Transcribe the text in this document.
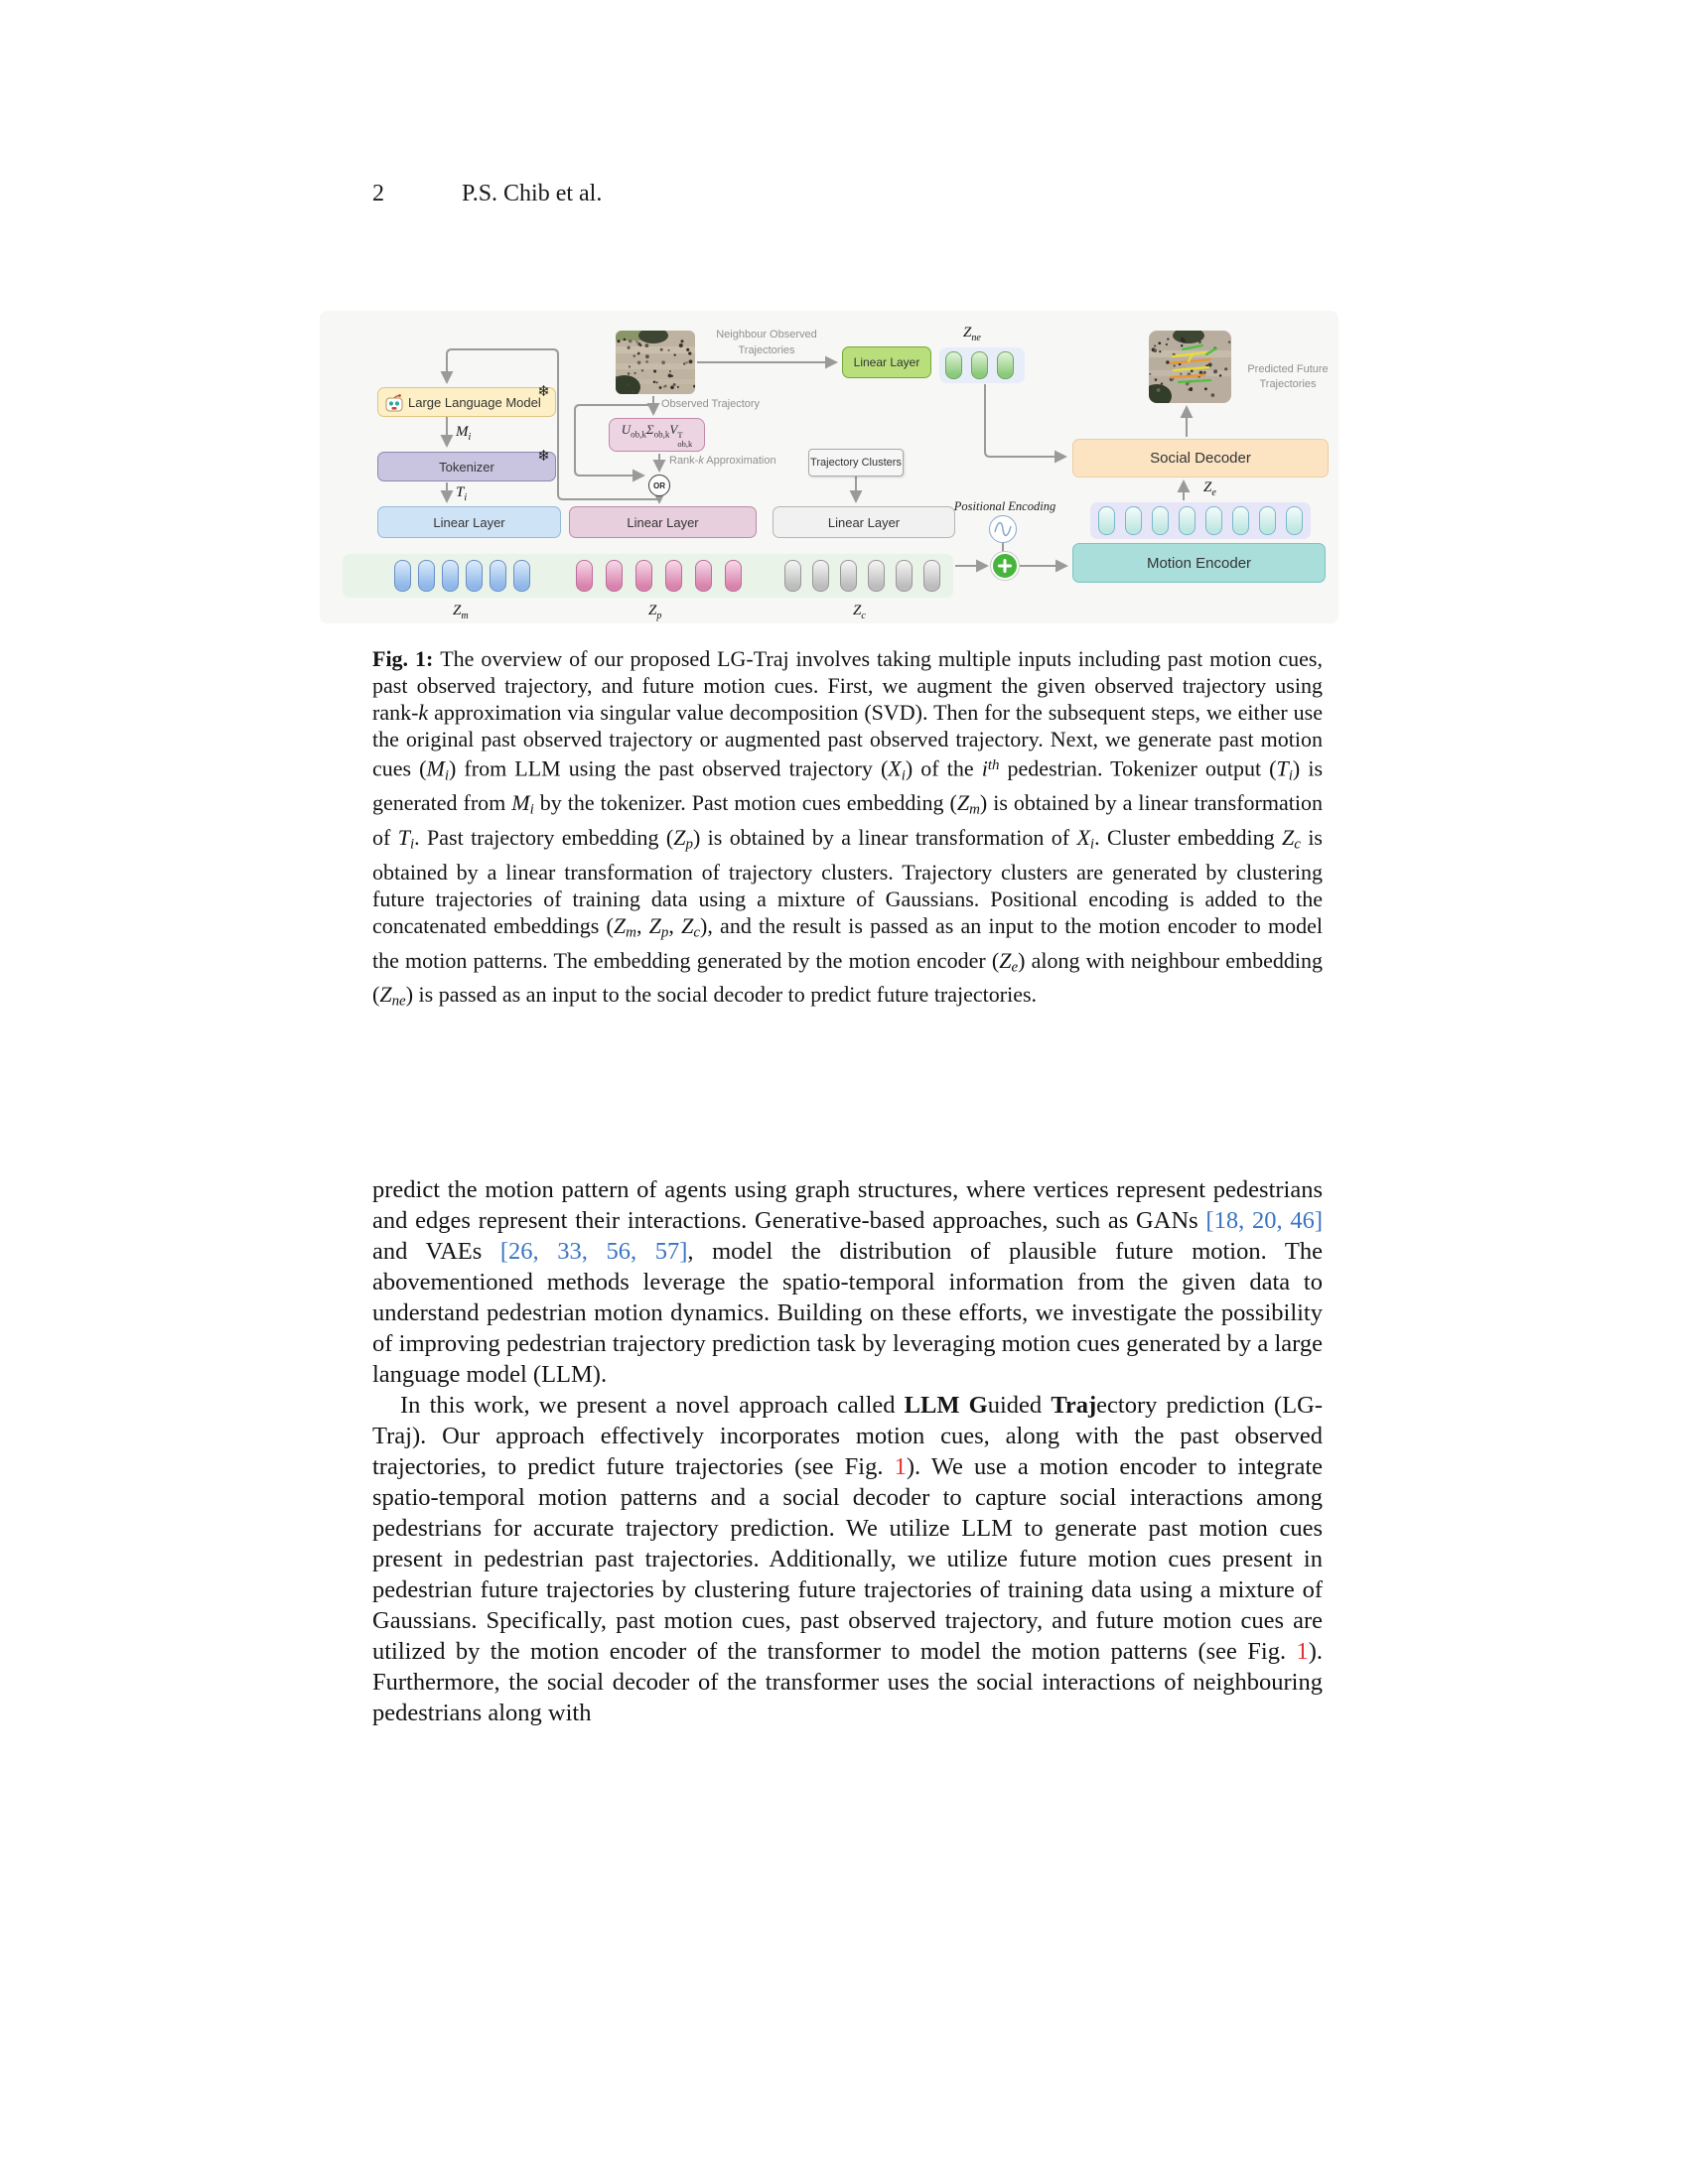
2	P.S. Chib et al.
Neighbour Observed
Trajectories
Linear Layer
$Z_{ne}$
Large Language Model
❄
$M_i$
Tokenizer
❄
$T_i$
Linear Layer
Observed Trajectory
$U_{ob,k}\Sigma_{ob,k}V$ T
ob,k
Rank-k Approximation
OR
Linear Layer
Trajectory Clusters
Linear Layer
$Z_m$	$Z_p$	$Z_c$
Positional Encoding
Motion Encoder
$Z_e$
Social Decoder
Predicted Future
Trajectories
Fig. 1: The overview of our proposed LG-Traj involves taking multiple inputs including past motion cues, past observed trajectory, and future motion cues. First, we augment the given observed trajectory using rank-k approximation via singular value decomposition (SVD). Then for the subsequent steps, we either use the original past observed trajectory or augmented past observed trajectory. Next, we generate past motion cues (Mi) from LLM using the past observed trajectory (Xi) of the $i^{th}$ pedestrian. Tokenizer output (Ti) is generated from Mi by the tokenizer. Past motion cues embedding (Zm) is obtained by a linear transformation of Ti. Past trajectory embedding (Zp) is obtained by a linear transformation of Xi. Cluster embedding Zc is obtained by a linear transformation of trajectory clusters. Trajectory clusters are generated by clustering future trajectories of training data using a mixture of Gaussians. Positional encoding is added to the concatenated embeddings (Zm, Zp, Zc), and the result is passed as an input to the motion encoder to model the motion patterns. The embedding generated by the motion encoder (Ze) along with neighbour embedding (Zne) is passed as an input to the social decoder to predict future trajectories.

predict the motion pattern of agents using graph structures, where vertices represent pedestrians and edges represent their interactions. Generative-based approaches, such as GANs [18, 20, 46] and VAEs [26, 33, 56, 57], model the distribution of plausible future motion. The abovementioned methods leverage the spatio-temporal information from the given data to understand pedestrian motion dynamics. Building on these efforts, we investigate the possibility of improving pedestrian trajectory prediction task by leveraging motion cues generated by a large language model (LLM).

In this work, we present a novel approach called LLM Guided Trajectory prediction (LG-Traj). Our approach effectively incorporates motion cues, along with the past observed trajectories, to predict future trajectories (see Fig. 1). We use a motion encoder to integrate spatio-temporal motion patterns and a social decoder to capture social interactions among pedestrians for accurate trajectory prediction. We utilize LLM to generate past motion cues present in pedestrian past trajectories. Additionally, we utilize future motion cues present in pedestrian future trajectories by clustering future trajectories of training data using a mixture of Gaussians. Specifically, past motion cues, past observed trajectory, and future motion cues are utilized by the motion encoder of the transformer to model the motion patterns (see Fig. 1). Furthermore, the social decoder of the transformer uses the social interactions of neighbouring pedestrians along with
